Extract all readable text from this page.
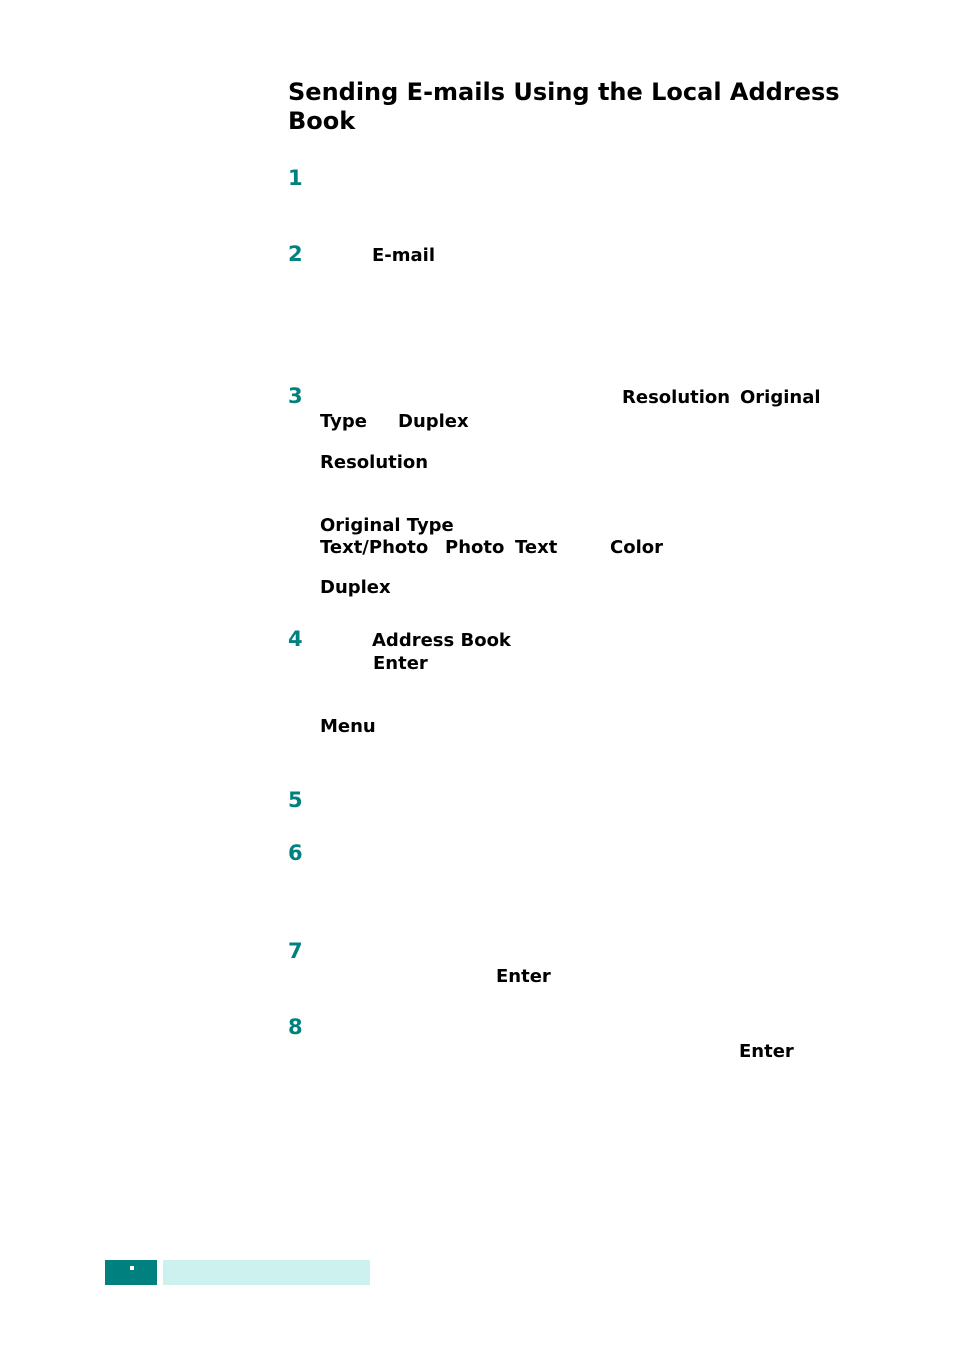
Sending E-mails Using the Local Address Book
1
2	E-mail
3	Resolution Original
Type Duplex
Resolution
Original Type
Text/Photo Photo Text	Color
Duplex
4	Address Book
Enter
Menu
5
6
7
Enter
8
Enter
